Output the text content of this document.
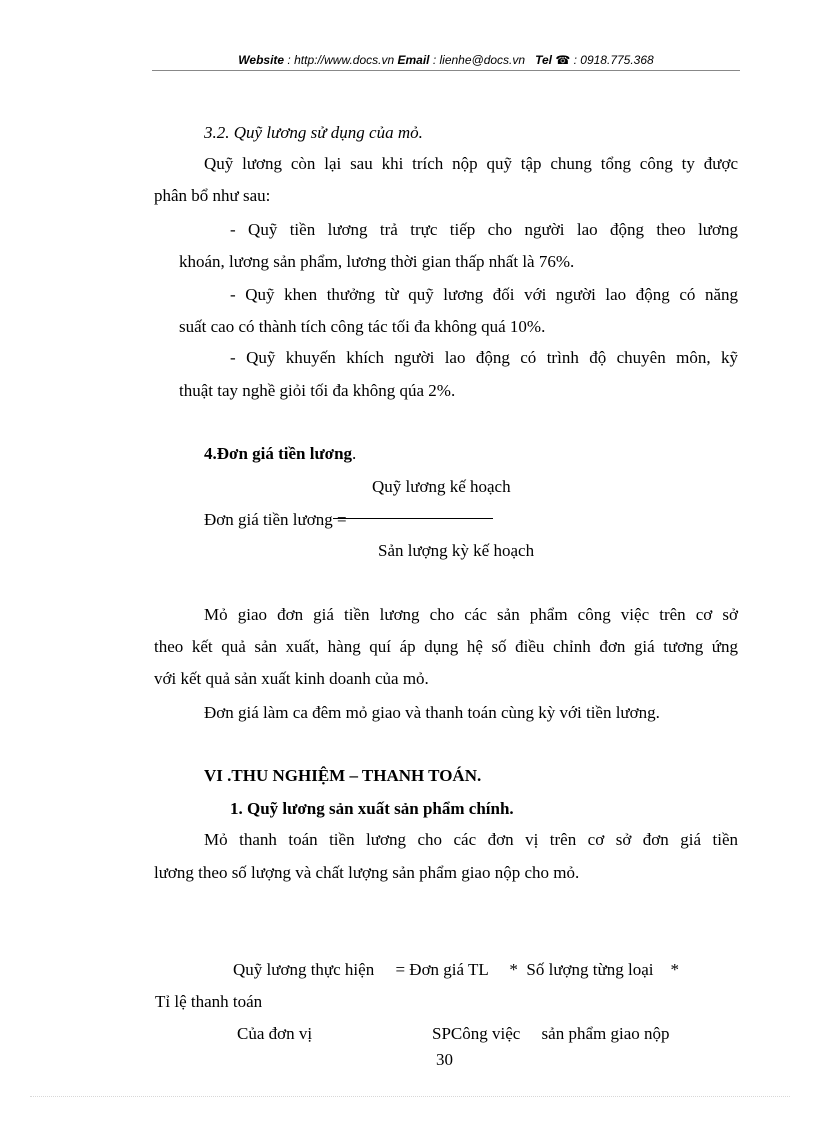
Website : http://www.docs.vn Email : lienhe@docs.vn   Tel ☎ : 0918.775.368
3.2. Quỹ lương sử dụng của mỏ.
Quỹ lương còn lại sau khi trích nộp quỹ tập chung tổng công ty được
phân bổ như sau:
- Quỹ tiền lương trả trực tiếp cho người lao động theo lương
khoán, lương sản phẩm, lương thời gian thấp nhất là 76%.
- Quỹ khen thưởng từ quỹ lương đối với người lao động có năng
suất cao có thành tích công tác tối đa không quá 10%.
- Quỹ khuyến khích người lao động có trình độ chuyên môn, kỹ
thuật tay nghề giỏi tối đa không qúa 2%.
4.Đơn giá tiền lương.
Quỹ lương kế hoạch
Đơn giá tiền lương =
Sản lượng kỳ kế hoạch
Mỏ giao đơn giá tiền lương cho các sản phẩm công việc trên cơ sở
theo kết quả sản xuất, hàng quí áp dụng hệ số điều chỉnh đơn giá tương ứng
với kết quả sản xuất kinh doanh của mỏ.
Đơn giá làm ca đêm mỏ giao và thanh toán cùng kỳ với tiền lương.
VI .THU NGHIỆM – THANH TOÁN.
1. Quỹ lương sản xuất sản phẩm chính.
Mỏ thanh toán tiền lương cho các đơn vị trên cơ sở đơn giá tiền
lương theo số lượng và chất lượng sản phẩm giao nộp cho mỏ.
Quỹ lương thực hiện     = Đơn giá TL     *  Số lượng từng loại    *
Tỉ lệ thanh toán
Của đơn vị	SPCông việc     sản phẩm giao nộp
30
